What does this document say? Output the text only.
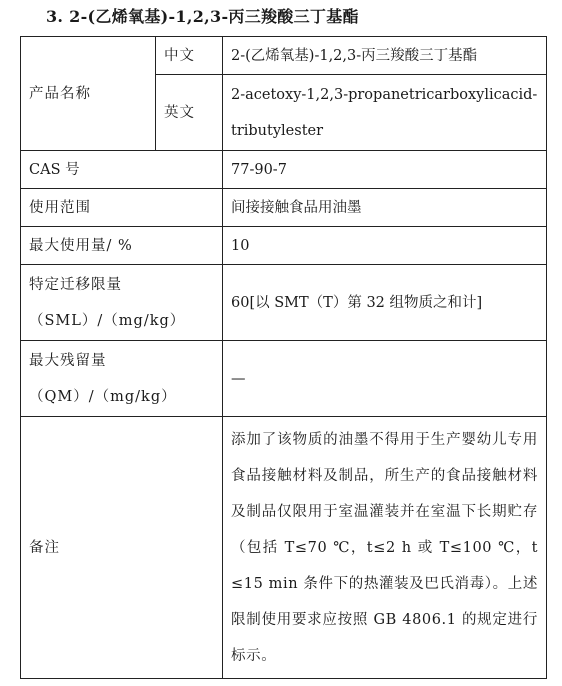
3. 2-(乙烯氧基)-1,2,3-丙三羧酸三丁基酯
产品名称	中文	2-(乙烯氧基)-1,2,3-丙三羧酸三丁基酯
	英文	2-acetoxy-1,2,3-propanetricarboxylicacid-
tributylester

CAS 号		77-90-7
使用范围		间接接触食品用油墨
最大使用量/ %		10

特定迁移限量
（SML）/（mg/kg）		60[以 SMT（T）第 32 组物质之和计]

最大残留量
（QM）/（mg/kg）		—
备注		添加了该物质的油墨不得用于生产婴幼儿专用食品接触材料及制品，所生产的食品接触材料及制品仅限用于室温灌装并在室温下长期贮存（包括 T≤70 ℃，t≤2 h 或 T≤100 ℃，t≤15 min 条件下的热灌装及巴氏消毒）。上述限制使用要求应按照 GB 4806.1 的规定进行标示。
